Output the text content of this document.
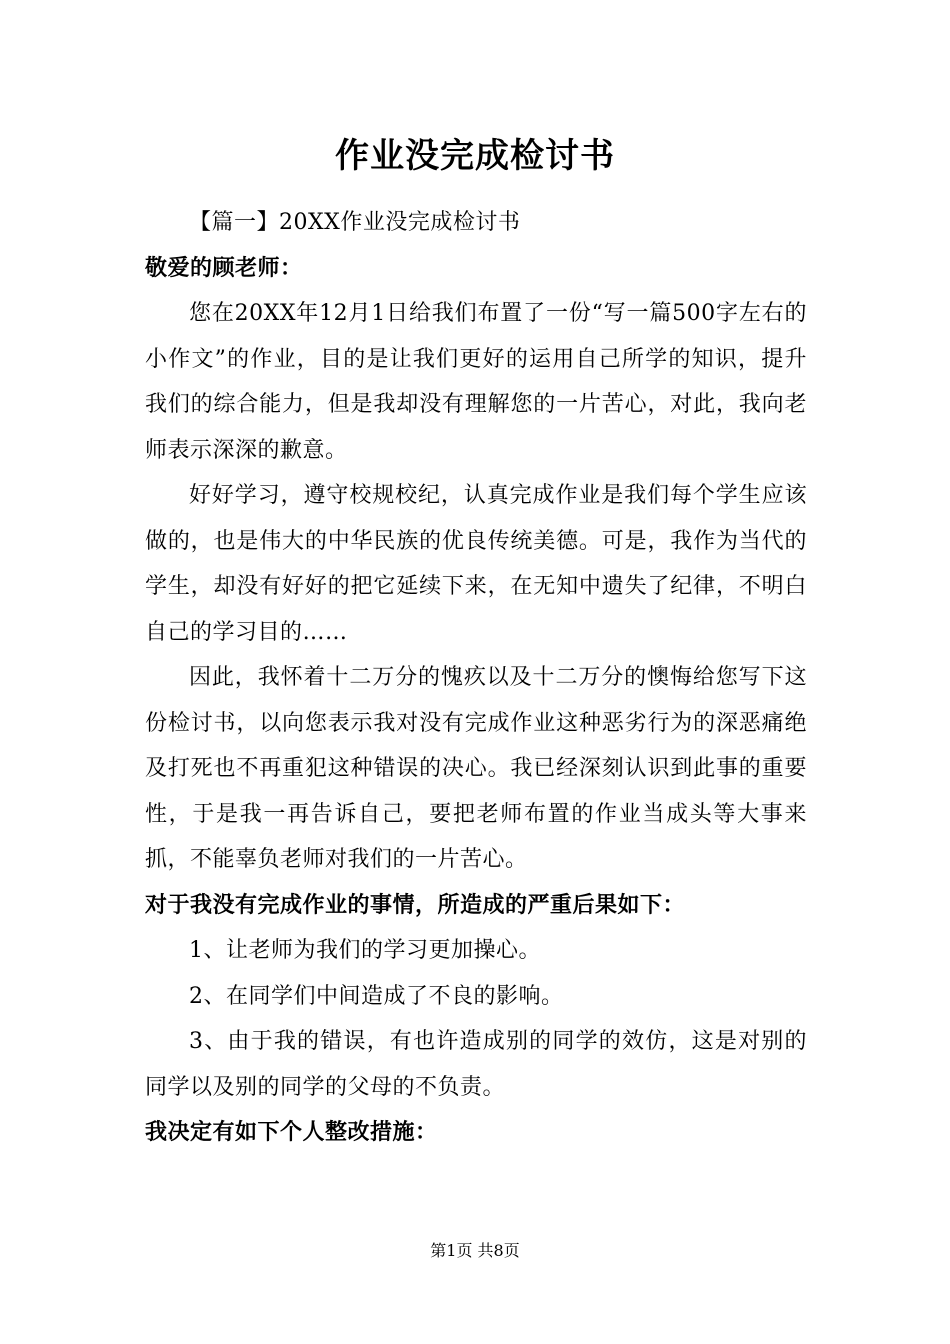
作业没完成检讨书

【篇一】20XX作业没完成检讨书

敬爱的顾老师：

您在20XX年12月1日给我们布置了一份“写一篇500字左右的小作文”的作业，目的是让我们更好的运用自己所学的知识，提升我们的综合能力，但是我却没有理解您的一片苦心，对此，我向老师表示深深的歉意。

好好学习，遵守校规校纪，认真完成作业是我们每个学生应该做的，也是伟大的中华民族的优良传统美德。可是，我作为当代的学生，却没有好好的把它延续下来，在无知中遗失了纪律，不明白自己的学习目的……

因此，我怀着十二万分的愧疚以及十二万分的懊悔给您写下这份检讨书，以向您表示我对没有完成作业这种恶劣行为的深恶痛绝及打死也不再重犯这种错误的决心。我已经深刻认识到此事的重要性，于是我一再告诉自己，要把老师布置的作业当成头等大事来抓，不能辜负老师对我们的一片苦心。

对于我没有完成作业的事情，所造成的严重后果如下：

1、让老师为我们的学习更加操心。

2、在同学们中间造成了不良的影响。

3、由于我的错误，有也许造成别的同学的效仿，这是对别的同学以及别的同学的父母的不负责。

我决定有如下个人整改措施：

第1页 共8页
